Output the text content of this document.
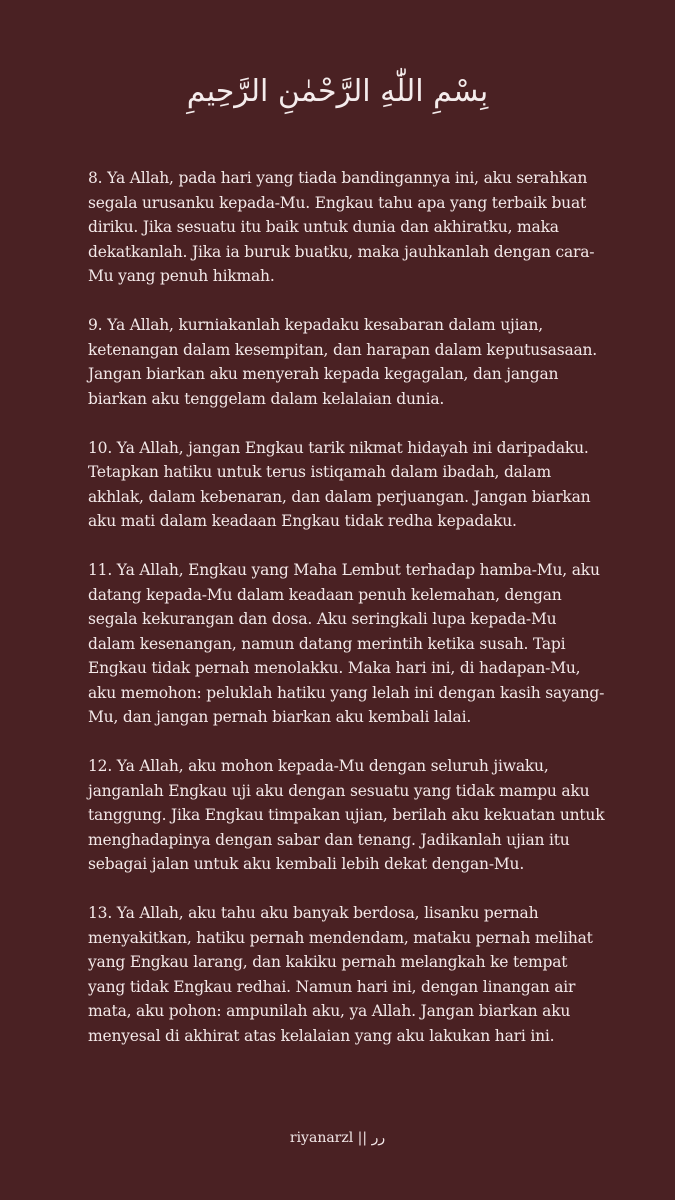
بِسْمِ اللّٰهِ الرَّحْمٰنِ الرَّحِيمِ

8. Ya Allah, pada hari yang tiada bandingannya ini, aku serahkan segala urusanku kepada-Mu. Engkau tahu apa yang terbaik buat diriku. Jika sesuatu itu baik untuk dunia dan akhiratku, maka dekatkanlah. Jika ia buruk buatku, maka jauhkanlah dengan cara-Mu yang penuh hikmah.

9. Ya Allah, kurniakanlah kepadaku kesabaran dalam ujian, ketenangan dalam kesempitan, dan harapan dalam keputusasaan. Jangan biarkan aku menyerah kepada kegagalan, dan jangan biarkan aku tenggelam dalam kelalaian dunia.

10. Ya Allah, jangan Engkau tarik nikmat hidayah ini daripadaku. Tetapkan hatiku untuk terus istiqamah dalam ibadah, dalam akhlak, dalam kebenaran, dan dalam perjuangan. Jangan biarkan aku mati dalam keadaan Engkau tidak redha kepadaku.

11. Ya Allah, Engkau yang Maha Lembut terhadap hamba-Mu, aku datang kepada-Mu dalam keadaan penuh kelemahan, dengan segala kekurangan dan dosa. Aku seringkali lupa kepada-Mu dalam kesenangan, namun datang merintih ketika susah. Tapi Engkau tidak pernah menolakku. Maka hari ini, di hadapan-Mu, aku memohon: peluklah hatiku yang lelah ini dengan kasih sayang-Mu, dan jangan pernah biarkan aku kembali lalai.

12. Ya Allah, aku mohon kepada-Mu dengan seluruh jiwaku, janganlah Engkau uji aku dengan sesuatu yang tidak mampu aku tanggung. Jika Engkau timpakan ujian, berilah aku kekuatan untuk menghadapinya dengan sabar dan tenang. Jadikanlah ujian itu sebagai jalan untuk aku kembali lebih dekat dengan-Mu.

13. Ya Allah, aku tahu aku banyak berdosa, lisanku pernah menyakitkan, hatiku pernah mendendam, mataku pernah melihat yang Engkau larang, dan kakiku pernah melangkah ke tempat yang tidak Engkau redhai. Namun hari ini, dengan linangan air mata, aku pohon: ampunilah aku, ya Allah. Jangan biarkan aku menyesal di akhirat atas kelalaian yang aku lakukan hari ini.

riyanarzl || رر
